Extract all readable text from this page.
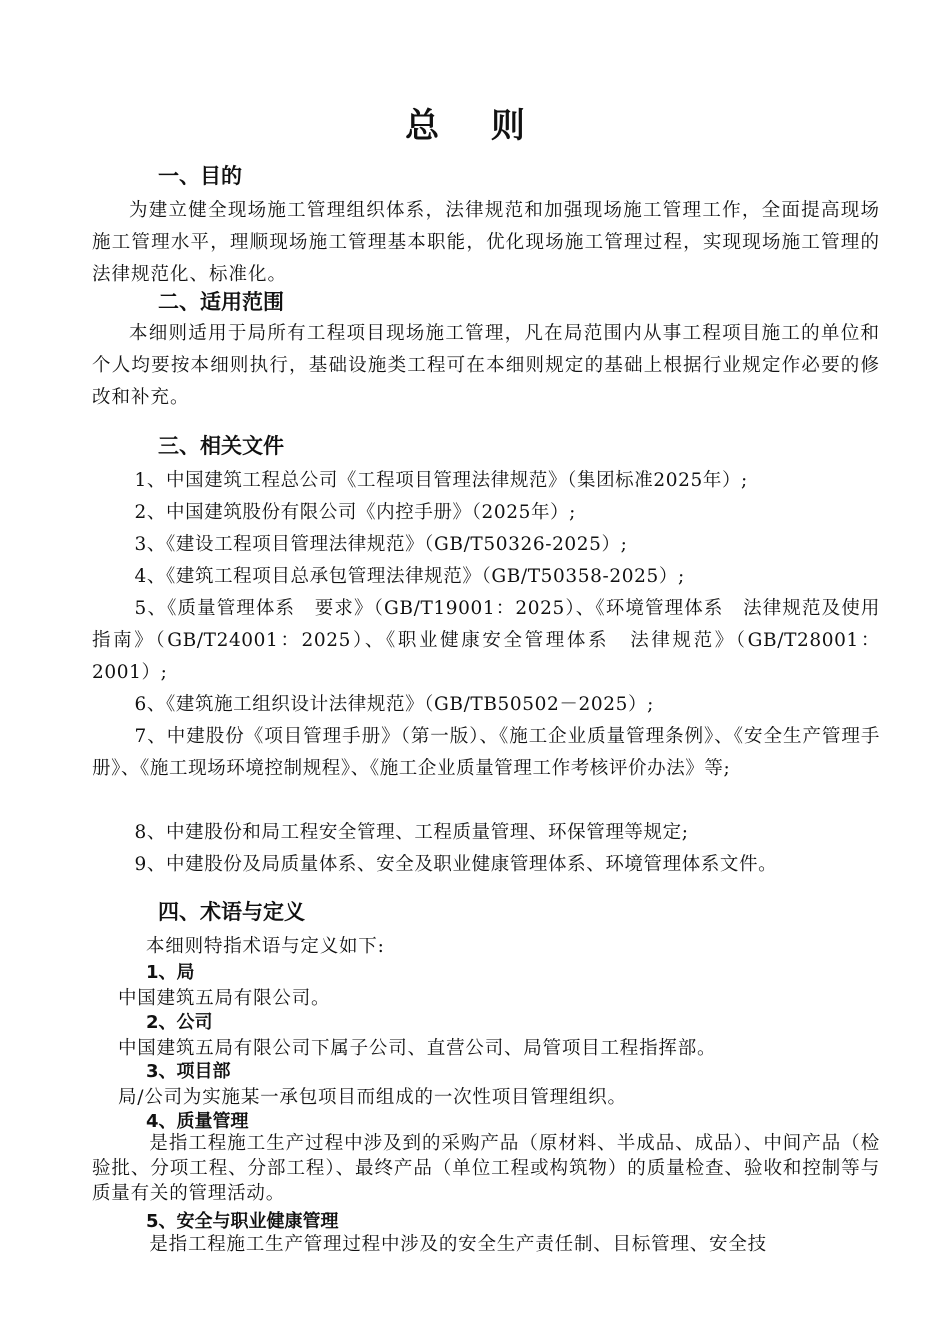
总 则
一、目的
为建立健全现场施工管理组织体系，法律规范和加强现场施工管理工作，全面提高现场施工管理水平，理顺现场施工管理基本职能，优化现场施工管理过程，实现现场施工管理的法律规范化、标准化。
二、适用范围
本细则适用于局所有工程项目现场施工管理，凡在局范围内从事工程项目施工的单位和个人均要按本细则执行，基础设施类工程可在本细则规定的基础上根据行业规定作必要的修改和补充。
三、相关文件
1、中国建筑工程总公司《工程项目管理法律规范》（集团标准2025年）;
2、中国建筑股份有限公司《内控手册》（2025年）;
3、《建设工程项目管理法律规范》（GB/T50326-2025）;
4、《建筑工程项目总承包管理法律规范》（GB/T50358-2025）;
5、《质量管理体系　要求》（GB/T19001：2025）、《环境管理体系　法律规范及使用指南》（GB/T24001：2025）、《职业健康安全管理体系　法律规范》（GB/T28001：2001）;
6、《建筑施工组织设计法律规范》（GB/TB50502－2025）;
7、中建股份《项目管理手册》（第一版）、《施工企业质量管理条例》、《安全生产管理手册》、《施工现场环境控制规程》、《施工企业质量管理工作考核评价办法》等;
8、中建股份和局工程安全管理、工程质量管理、环保管理等规定;
9、中建股份及局质量体系、安全及职业健康管理体系、环境管理体系文件。
四、术语与定义
本细则特指术语与定义如下:
1、局
中国建筑五局有限公司。
2、公司
中国建筑五局有限公司下属子公司、直营公司、局管项目工程指挥部。
3、项目部
局/公司为实施某一承包项目而组成的一次性项目管理组织。
4、质量管理
是指工程施工生产过程中涉及到的采购产品（原材料、半成品、成品）、中间产品（检验批、分项工程、分部工程）、最终产品（单位工程或构筑物）的质量检查、验收和控制等与质量有关的管理活动。
5、安全与职业健康管理
是指工程施工生产管理过程中涉及的安全生产责任制、目标管理、安全技
